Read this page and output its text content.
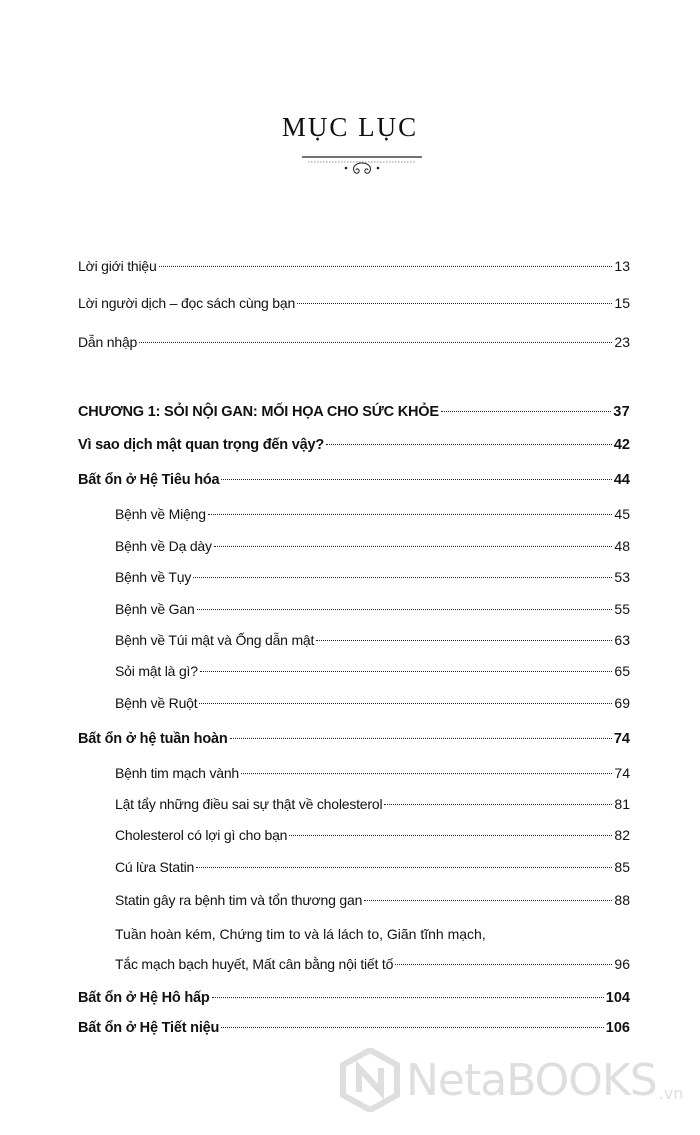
MỤC LỤC
Lời giới thiệu	13
Lời người dịch – đọc sách cùng bạn	15
Dẫn nhập	23
CHƯƠNG 1: SỎI NỘI GAN: MỐI HỌA CHO SỨC KHỎE	37
Vì sao dịch mật quan trọng đến vậy?	42
Bất ổn ở Hệ Tiêu hóa	44
Bệnh về Miệng	45
Bệnh về Dạ dày	48
Bệnh về Tụy	53
Bệnh về Gan	55
Bệnh về Túi mật và Ống dẫn mật	63
Sỏi mật là gì?	65
Bệnh về Ruột	69
Bất ổn ở hệ tuần hoàn	74
Bệnh tim mạch vành	74
Lật tẩy những điều sai sự thật về cholesterol	81
Cholesterol có lợi gì cho bạn	82
Cú lừa Statin	85
Statin gây ra bệnh tim và tổn thương gan	88
Tuần hoàn kém, Chứng tim to và lá lách to, Giãn tĩnh mạch,
Tắc mạch bạch huyết, Mất cân bằng nội tiết tố	96
Bất ổn ở Hệ Hô hấp	104
Bất ổn ở Hệ Tiết niệu	106
NetaBOOKS .vn
